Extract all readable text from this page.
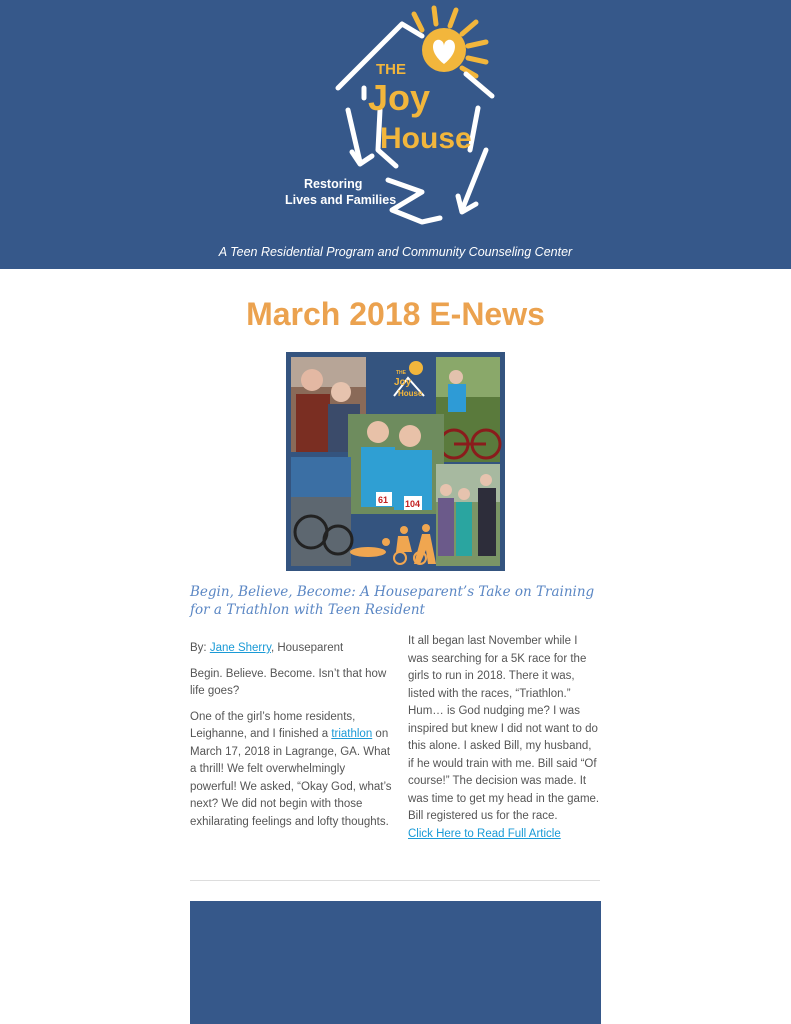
THE
Joy
House
Restoring
Lives and Families
A Teen Residential Program and Community Counseling Center
March 2018 E-News
THE
Joy
House
61 104
Begin, Believe, Become: A Houseparent’s Take on Training for a Triathlon with Teen Resident

By: Jane Sherry, Houseparent

Begin. Believe. Become. Isn’t that how life goes?

One of the girl’s home residents, Leighanne, and I finished a triathlon on March 17, 2018 in Lagrange, GA. What a thrill! We felt overwhelmingly powerful! We asked, “Okay God, what’s next? We did not begin with those exhilarating feelings and lofty thoughts.

It all began last November while I was searching for a 5K race for the girls to run in 2018. There it was, listed with the races, “Triathlon.” Hum… is God nudging me? I was inspired but knew I did not want to do this alone. I asked Bill, my husband, if he would train with me. Bill said “Of course!” The decision was made. It was time to get my head in the game. Bill registered us for the race.
Click Here to Read Full Article
